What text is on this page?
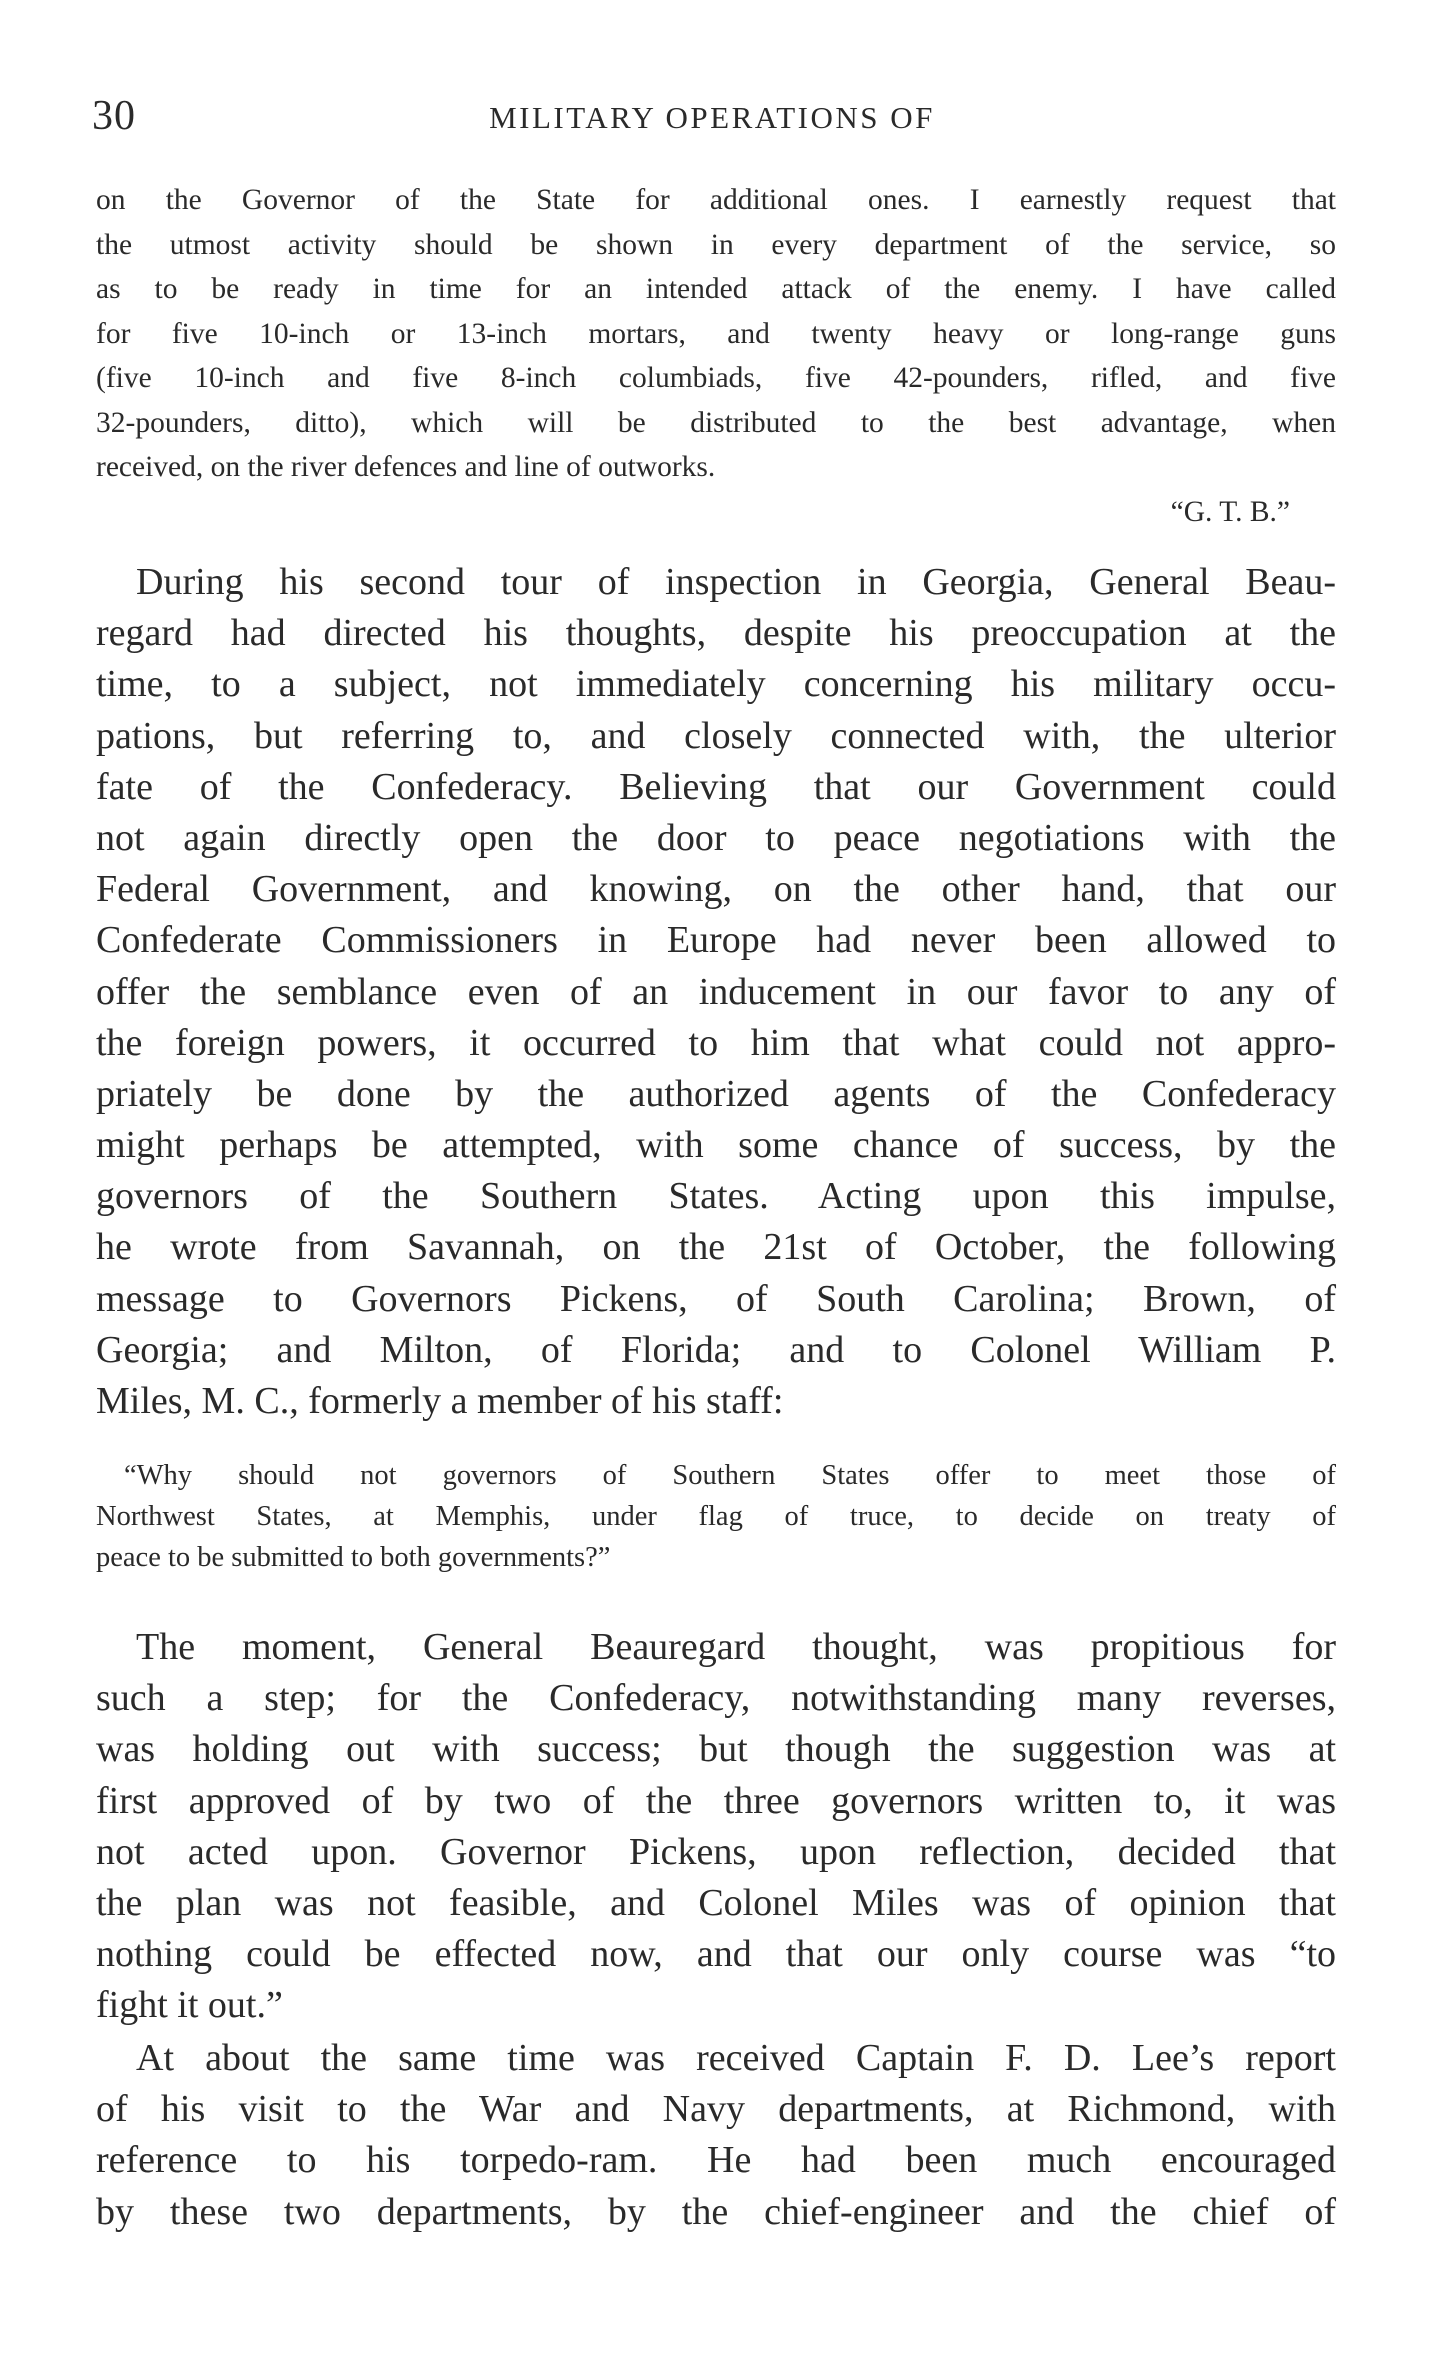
30	MILITARY OPERATIONS OF
on the Governor of the State for additional ones. I earnestly request that
the utmost activity should be shown in every department of the service, so
as to be ready in time for an intended attack of the enemy. I have called
for five 10-inch or 13-inch mortars, and twenty heavy or long-range guns
(five 10-inch and five 8-inch columbiads, five 42-pounders, rifled, and five
32-pounders, ditto), which will be distributed to the best advantage, when
received, on the river defences and line of outworks.
“G. T. B.”
During his second tour of inspection in Georgia, General Beau-
regard had directed his thoughts, despite his preoccupation at the
time, to a subject, not immediately concerning his military occu-
pations, but referring to, and closely connected with, the ulterior
fate of the Confederacy. Believing that our Government could
not again directly open the door to peace negotiations with the
Federal Government, and knowing, on the other hand, that our
Confederate Commissioners in Europe had never been allowed to
offer the semblance even of an inducement in our favor to any of
the foreign powers, it occurred to him that what could not appro-
priately be done by the authorized agents of the Confederacy
might perhaps be attempted, with some chance of success, by the
governors of the Southern States. Acting upon this impulse,
he wrote from Savannah, on the 21st of October, the following
message to Governors Pickens, of South Carolina; Brown, of
Georgia; and Milton, of Florida; and to Colonel William P.
Miles, M. C., formerly a member of his staff:
“Why should not governors of Southern States offer to meet those of
Northwest States, at Memphis, under flag of truce, to decide on treaty of
peace to be submitted to both governments?”
The moment, General Beauregard thought, was propitious for
such a step; for the Confederacy, notwithstanding many reverses,
was holding out with success; but though the suggestion was at
first approved of by two of the three governors written to, it was
not acted upon. Governor Pickens, upon reflection, decided that
the plan was not feasible, and Colonel Miles was of opinion that
nothing could be effected now, and that our only course was “to
fight it out.”
At about the same time was received Captain F. D. Lee’s report
of his visit to the War and Navy departments, at Richmond, with
reference to his torpedo-ram. He had been much encouraged
by these two departments, by the chief-engineer and the chief of
